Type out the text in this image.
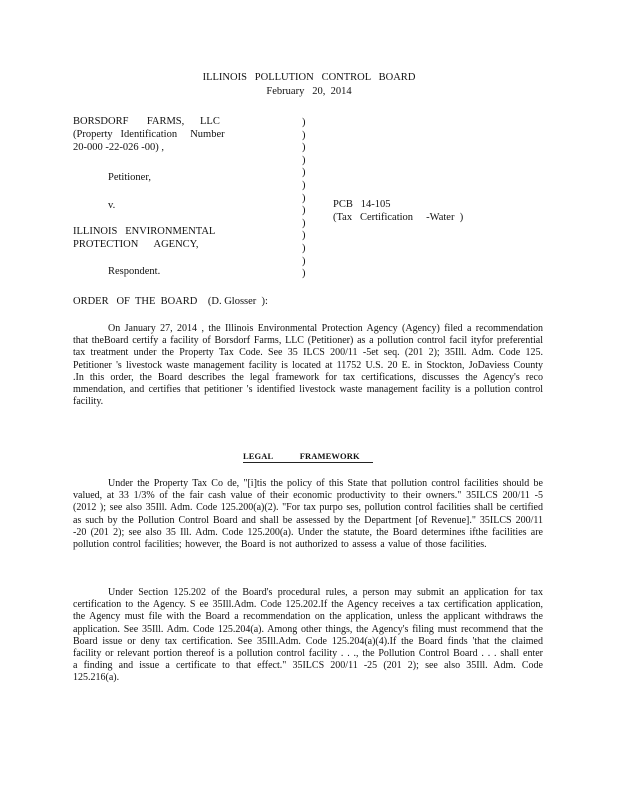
ILLINOIS   POLLUTION   CONTROL   BOARD
February   20,  2014
BORSDORF       FARMS,      LLC
(Property   Identification     Number
20-000 -22-026 -00) ,
Petitioner,
v.
ILLINOIS   ENVIRONMENTAL
PROTECTION      AGENCY,
Respondent.
)
)
)
)
)
)
)
)
)
)
)
)
)
PCB   14-105
(Tax   Certification     -Water  )
ORDER   OF  THE  BOARD    (D. Glosser  ):
On January 27, 2014 , the Illinois Environmental Protection Agency (Agency) filed a recommendation that theBoard certify a facility of Borsdorf Farms, LLC (Petitioner) as a pollution control facil ityfor preferential tax treatment under the Property Tax Code. See 35 ILCS 200/11 -5et seq. (201 2); 35Ill. Adm. Code 125. Petitioner 's livestock waste management facility is located at 11752 U.S. 20 E. in Stockton, JoDaviess County .In this order, the Board describes the legal framework for tax certifications, discusses the Agency's reco mmendation, and certifies that petitioner 's identified livestock waste management facility is a pollution control facility.
LEGAL	FRAMEWORK
Under the Property Tax Co de, "[i]tis the policy of this State that pollution control facilities should be valued, at 33 1/3% of the fair cash value of their economic productivity to their owners." 35ILCS 200/11 -5 (2012 ); see also 35Ill. Adm. Code 125.200(a)(2). "For tax purpo ses, pollution control facilities shall be certified as such by the Pollution Control Board and shall be assessed by the Department [of Revenue]." 35ILCS 200/11 -20 (201 2); see also 35 Ill. Adm. Code 125.200(a). Under the statute, the Board determines ifthe facilities are pollution control facilities; however, the Board is not authorized to assess a value of those facilities.
Under Section 125.202 of the Board's procedural rules, a person may submit an application for tax certification to the Agency. S ee 35Ill.Adm. Code 125.202.If the Agency receives a tax certification application, the Agency must file with the Board a recommendation on the application, unless the applicant withdraws the application. See 35Ill. Adm. Code 125.204(a). Among other things, the Agency's filing must recommend that the Board issue or deny tax certification. See 35Ill.Adm. Code 125.204(a)(4).If the Board finds 'that the claimed facility or relevant portion thereof is a pollution control facility . . ., the Pollution Control Board . . . shall enter a finding and issue a certificate to that effect." 35ILCS 200/11 -25 (201 2); see also 35Ill. Adm. Code 125.216(a).
